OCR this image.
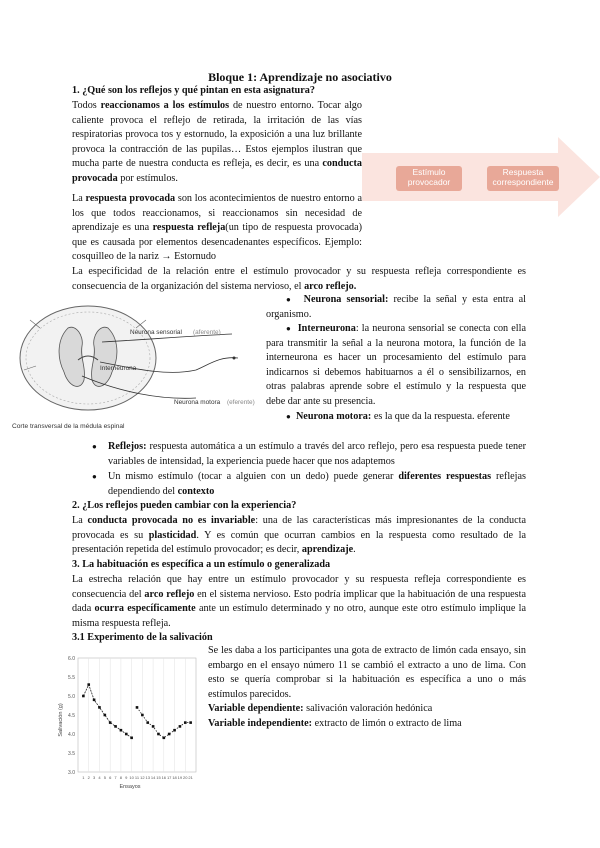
Bloque 1: Aprendizaje no asociativo
1. ¿Qué son los reflejos y qué pintan en esta asignatura?
Todos reaccionamos a los estímulos de nuestro entorno. Tocar algo caliente provoca el reflejo de retirada, la irritación de las vías respiratorias provoca tos y estornudo, la exposición a una luz brillante provoca la contracción de las pupilas… Estos ejemplos ilustran que mucha parte de nuestra conducta es refleja, es decir, es una conducta provocada por estímulos.
Estímulo provocador
Respuesta correspondiente
La respuesta provocada son los acontecimientos de nuestro entorno a los que todos reaccionamos, si reaccionamos sin necesidad de aprendizaje es una respuesta refleja(un tipo de respuesta provocada) que es causada por elementos desencadenantes específicos. Ejemplo: cosquilleo de la nariz → Estornudo
La especificidad de la relación entre el estímulo provocador y su respuesta refleja correspondiente es consecuencia de la organización del sistema nervioso, el arco reflejo.
Neurona sensorial (aferente)
Interneurona
Neurona motora (eferente)
Corte transversal de la médula espinal
● Neurona sensorial: recibe la señal y esta entra al organismo.
● Interneurona: la neurona sensorial se conecta con ella para transmitir la señal a la neurona motora, la función de la interneurona es hacer un procesamiento del estímulo para indicarnos si debemos habituarnos a él o sensibilizarnos, en otras palabras aprende sobre el estímulo y la respuesta que debe dar ante su presencia.
● Neurona motora: es la que da la respuesta. eferente
● Reflejos: respuesta automática a un estímulo a través del arco reflejo, pero esa respuesta puede tener variables de intensidad, la experiencia puede hacer que nos adaptemos
● Un mismo estímulo (tocar a alguien con un dedo) puede generar diferentes respuestas reflejas dependiendo del contexto
2. ¿Los reflejos pueden cambiar con la experiencia?
La conducta provocada no es invariable: una de las características más impresionantes de la conducta provocada es su plasticidad. Y es común que ocurran cambios en la respuesta como resultado de la presentación repetida del estímulo provocador; es decir, aprendizaje.
3. La habituación es específica a un estímulo o generalizada
La estrecha relación que hay entre un estímulo provocador y su respuesta refleja correspondiente es consecuencia del arco reflejo en el sistema nervioso. Esto podría implicar que la habituación de una respuesta dada ocurra específicamente ante un estímulo determinado y no otro, aunque este otro estímulo implique la misma respuesta refleja.
3.1 Experimento de la salivación
6.0
5.5
5.0
4.5
4.0
3.5
3.0
1 2 3 4 5 6 7 8 9 10 11 12 13 14 15 16 17 18 19 20 21
Salivación (g)
Ensayos
Se les daba a los participantes una gota de extracto de limón cada ensayo, sin embargo en el ensayo número 11 se cambió el extracto a uno de lima. Con esto se quería comprobar si la habituación es específica a uno o más estímulos parecidos.
Variable dependiente: salivación valoración hedónica
Variable independiente: extracto de limón o extracto de lima
